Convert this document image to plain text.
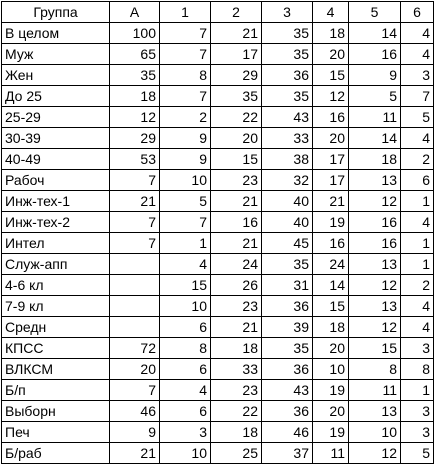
Группа	А	1	2	3	4	5	6
В целом	100	7	21	35	18	14	4
Муж	65	7	17	35	20	16	4
Жен	35	8	29	36	15	9	3
До 25	18	7	35	35	12	5	7
25-29	12	2	22	43	16	11	5
30-39	29	9	20	33	20	14	4
40-49	53	9	15	38	17	18	2
Рабоч	7	10	23	32	17	13	6
Инж-тех-1	21	5	21	40	21	12	1
Инж-тех-2	7	7	16	40	19	16	4
Интел	7	1	21	45	16	16	1
Служ-апп		4	24	35	24	13	1
4-6 кл		15	26	31	14	12	2
7-9 кл		10	23	36	15	13	4
Средн		6	21	39	18	12	4
КПСС	72	8	18	35	20	15	3
ВЛКСМ	20	6	33	36	10	8	8
Б/п	7	4	23	43	19	11	1
Выборн	46	6	22	36	20	13	3
Печ	9	3	18	46	19	10	3
Б/раб	21	10	25	37	11	12	5
